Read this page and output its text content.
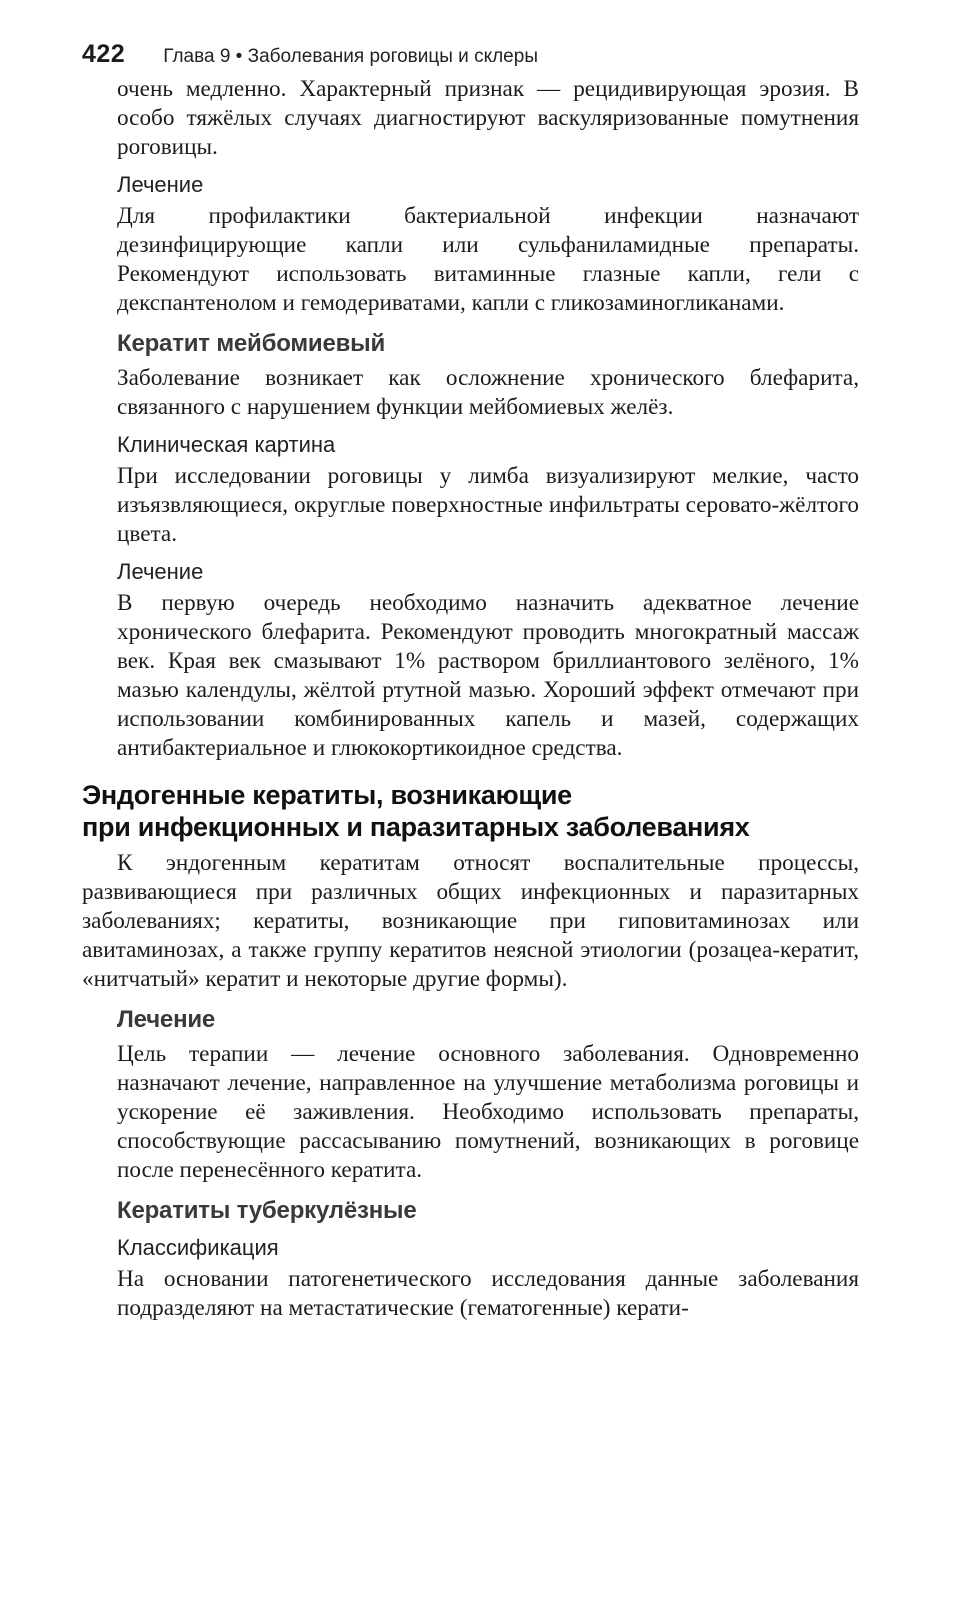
422 Глава 9 • Заболевания роговицы и склеры

очень медленно. Характерный признак — рецидивирующая эрозия. В особо тяжёлых случаях диагностируют васкуляризованные помутнения роговицы.

Лечение

Для профилактики бактериальной инфекции назначают дезинфицирующие капли или сульфаниламидные препараты. Рекомендуют использовать витаминные глазные капли, гели с декспантенолом и гемодериватами, капли с гликозаминогликанами.

Кератит мейбомиевый

Заболевание возникает как осложнение хронического блефарита, связанного с нарушением функции мейбомиевых желёз.

Клиническая картина

При исследовании роговицы у лимба визуализируют мелкие, часто изъязвляющиеся, округлые поверхностные инфильтраты серовато-жёлтого цвета.

Лечение

В первую очередь необходимо назначить адекватное лечение хронического блефарита. Рекомендуют проводить многократный массаж век. Края век смазывают 1% раствором бриллиантового зелёного, 1% мазью календулы, жёлтой ртутной мазью. Хороший эффект отмечают при использовании комбинированных капель и мазей, содержащих антибактериальное и глюкокортикоидное средства.

Эндогенные кератиты, возникающие
при инфекционных и паразитарных заболеваниях

К эндогенным кератитам относят воспалительные процессы, развивающиеся при различных общих инфекционных и паразитарных заболеваниях; кератиты, возникающие при гиповитаминозах или авитаминозах, а также группу кератитов неясной этиологии (розацеа-кератит, «нитчатый» кератит и некоторые другие формы).

Лечение

Цель терапии — лечение основного заболевания. Одновременно назначают лечение, направленное на улучшение метаболизма роговицы и ускорение её заживления. Необходимо использовать препараты, способствующие рассасыванию помутнений, возникающих в роговице после перенесённого кератита.

Кератиты туберкулёзные
Классификация

На основании патогенетического исследования данные заболевания подразделяют на метастатические (гематогенные) керати-
